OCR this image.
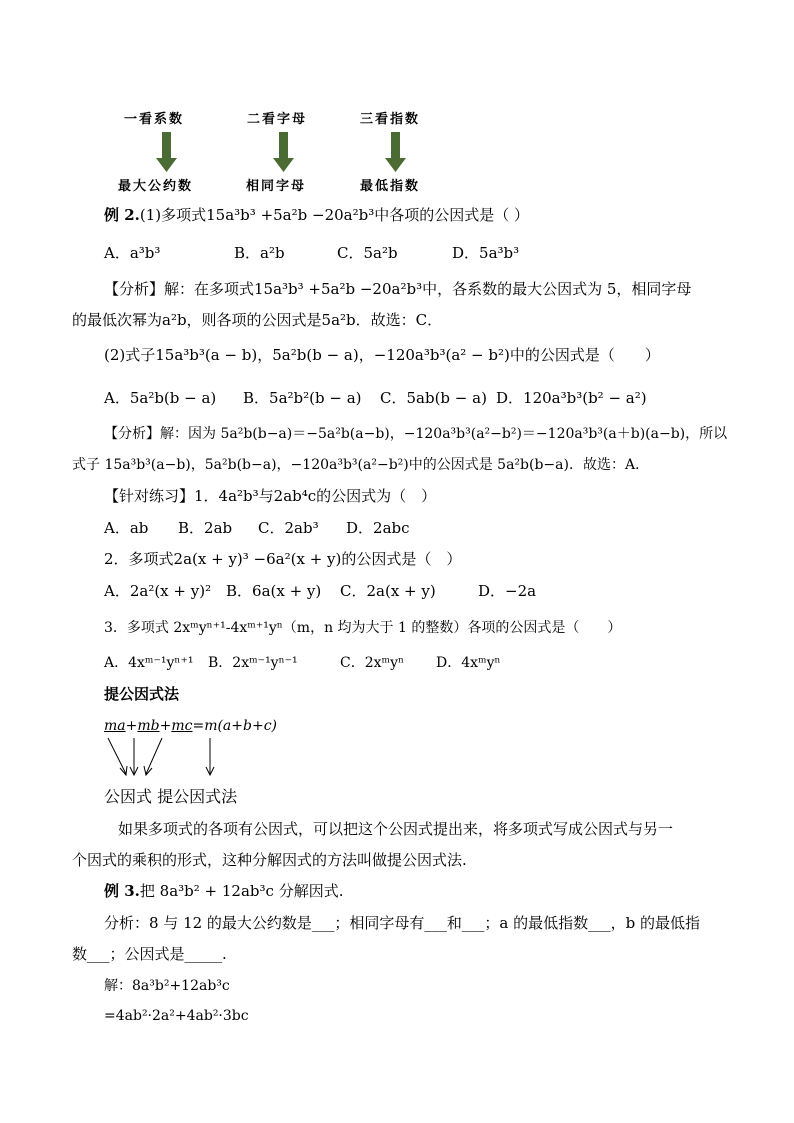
一看系数	二看字母	三看指数
最大公约数	相同字母	最低指数
例 2.(1)多项式15a³b³ +5a²b −20a²b³中各项的公因式是（ ）
A．a³b³	B．a²b	C．5a²b	D．5a³b³
【分析】解：在多项式15a³b³ +5a²b −20a²b³中，各系数的最大公因式为 5，相同字母
的最低次幂为a²b，则各项的公因式是5a²b．故选：C．
(2)式子15a³b³(a − b)，5a²b(b − a)，−120a³b³(a² − b²)中的公因式是（　　）
A．5a²b(b − a) B．5a²b²(b − a) C．5ab(b − a) D．120a³b³(b² − a²)
【分析】解：因为 5a²b(b−a)＝−5a²b(a−b)，−120a³b³(a²−b²)＝−120a³b³(a＋b)(a−b)，所以
式子 15a³b³(a−b)，5a²b(b−a)，−120a³b³(a²−b²)中的公因式是 5a²b(b−a)．故选：A．
【针对练习】1．4a²b³与2ab⁴c的公因式为（　）
A．ab B．2ab C．2ab³ D．2abc
2．多项式2a(x + y)³ −6a²(x + y)的公因式是（　）
A．2a²(x + y)² B．6a(x + y) C．2a(x + y)	D．−2a
3．多项式 2xᵐyⁿ⁺¹-4xᵐ⁺¹yⁿ（m，n 均为大于 1 的整数）各项的公因式是（　　）
A．4xᵐ⁻¹yⁿ⁺¹ B．2xᵐ⁻¹yⁿ⁻¹	C．2xᵐyⁿ D．4xᵐyⁿ
提公因式法
ma+mb+mc=m(a+b+c)
公因式 提公因式法
如果多项式的各项有公因式，可以把这个公因式提出来，将多项式写成公因式与另一
个因式的乘积的形式，这种分解因式的方法叫做提公因式法.
例 3.把 8a³b² + 12ab³c 分解因式.
分析：8 与 12 的最大公约数是___；相同字母有___和___；a 的最低指数___，b 的最低指
数___；公因式是_____.
解：8a³b²+12ab³c
=4ab²·2a²+4ab²·3bc
